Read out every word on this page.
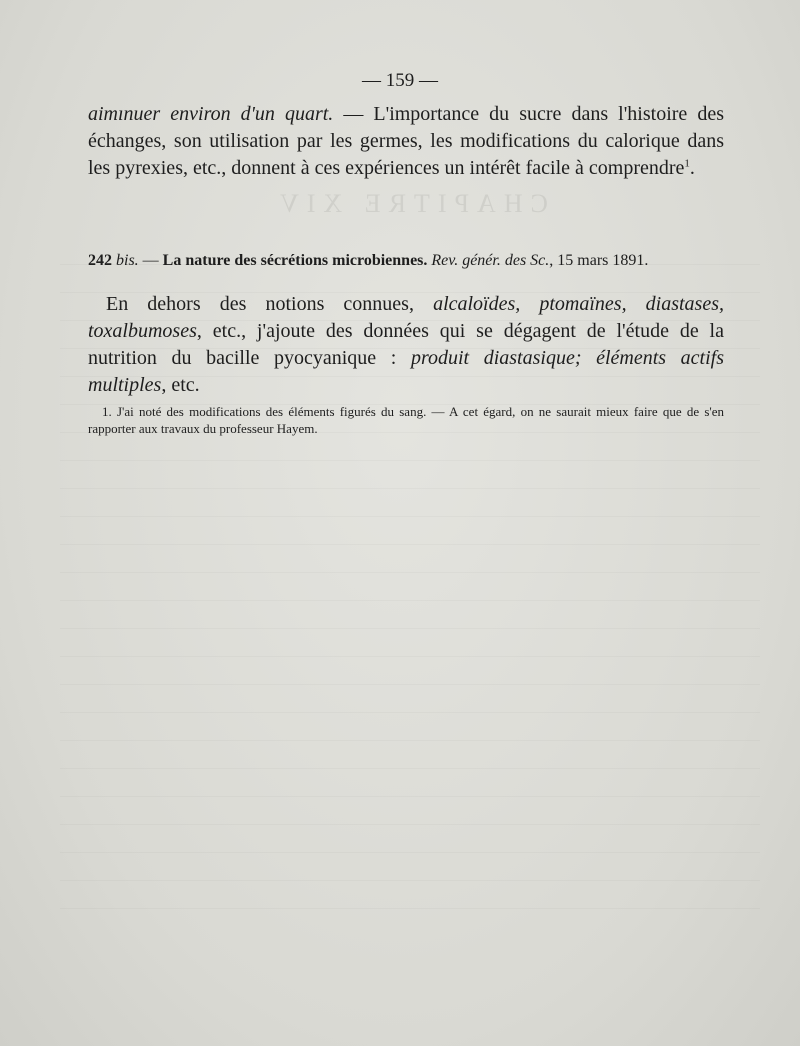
CHAPITRE XIV
— 159 —
aimınuer environ d'un quart. — L'importance du sucre dans l'histoire des échanges, son utilisation par les germes, les modifications du calorique dans les pyrexies, etc., donnent à ces expériences un intérêt facile à comprendre$^1$.
242 bis. — La nature des sécrétions microbiennes. Rev. génér. des Sc., 15 mars 1891.
En dehors des notions connues, alcaloïdes, ptomaïnes, diastases, toxalbumoses, etc., j'ajoute des données qui se dégagent de l'étude de la nutrition du bacille pyocyanique : produit diastasique; éléments actifs multiples, etc.
1. J'ai noté des modifications des éléments figurés du sang. — A cet égard, on ne saurait mieux faire que de s'en rapporter aux travaux du professeur Hayem.
